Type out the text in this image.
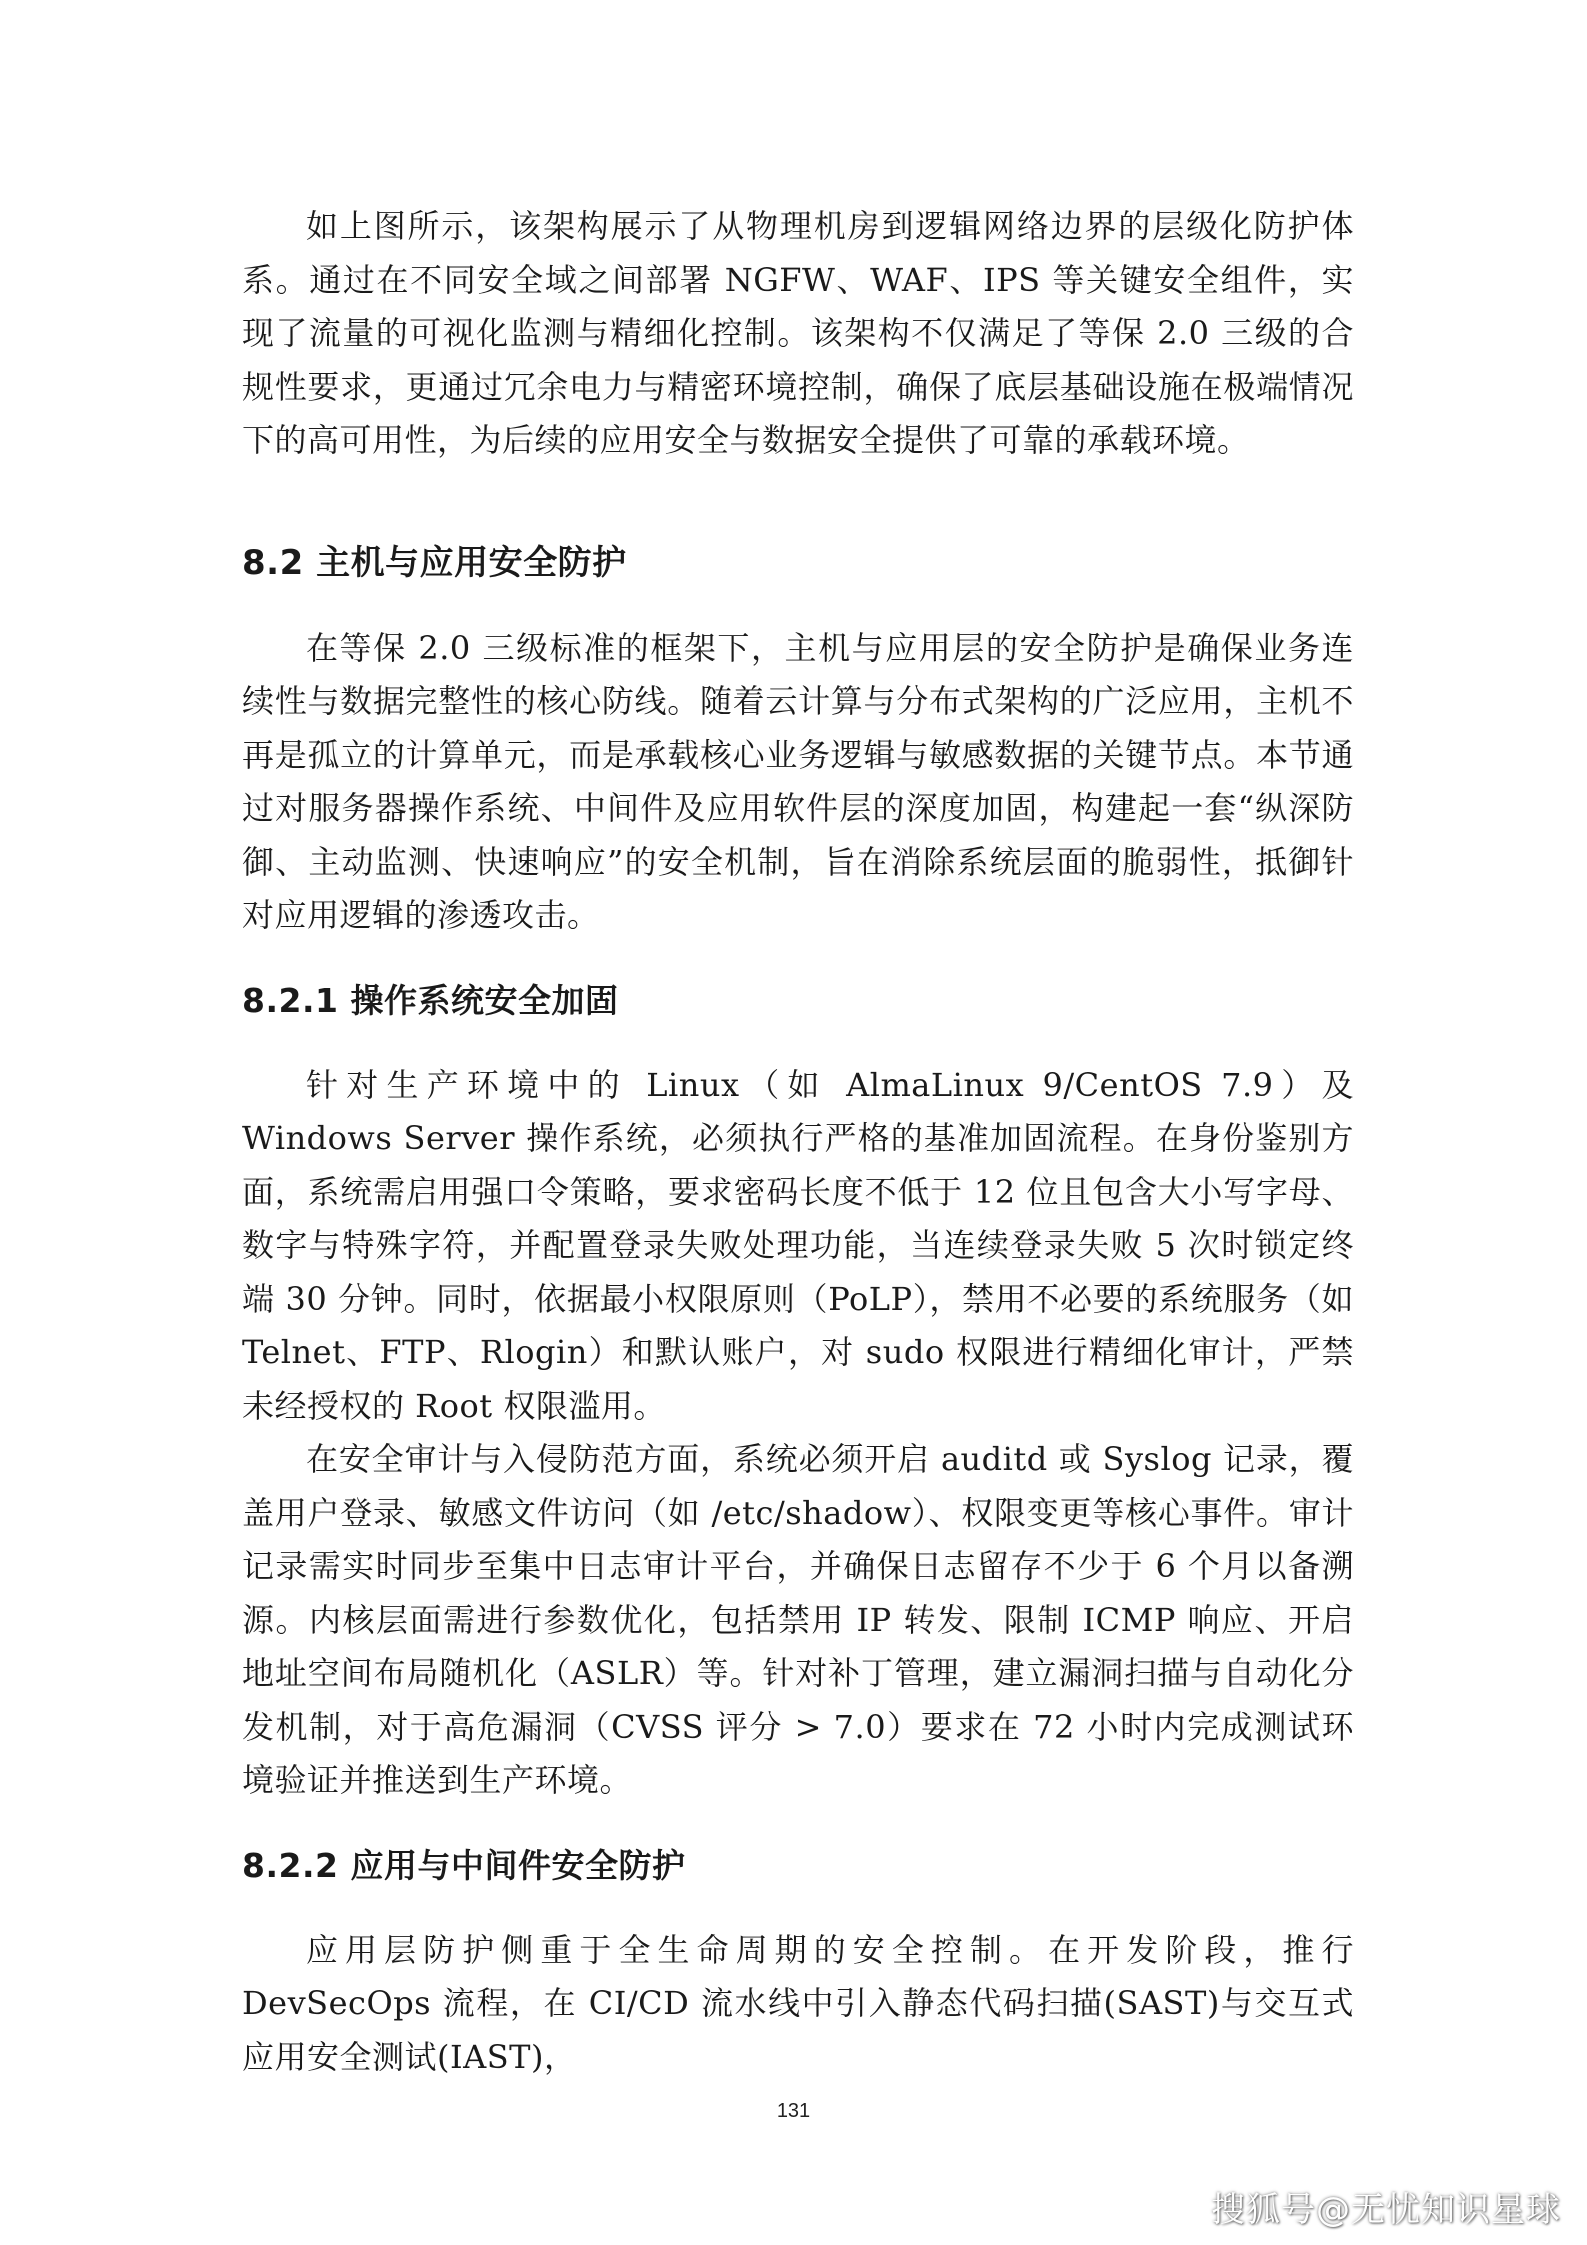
如上图所示，该架构展示了从物理机房到逻辑网络边界的层级化防护体系。通过在不同安全域之间部署 NGFW、WAF、IPS 等关键安全组件，实现了流量的可视化监测与精细化控制。该架构不仅满足了等保 2.0 三级的合规性要求，更通过冗余电力与精密环境控制，确保了底层基础设施在极端情况下的高可用性，为后续的应用安全与数据安全提供了可靠的承载环境。

8.2 主机与应用安全防护

在等保 2.0 三级标准的框架下，主机与应用层的安全防护是确保业务连续性与数据完整性的核心防线。随着云计算与分布式架构的广泛应用，主机不再是孤立的计算单元，而是承载核心业务逻辑与敏感数据的关键节点。本节通过对服务器操作系统、中间件及应用软件层的深度加固，构建起一套“纵深防御、主动监测、快速响应”的安全机制，旨在消除系统层面的脆弱性，抵御针对应用逻辑的渗透攻击。

8.2.1 操作系统安全加固

针对生产环境中的 Linux（如 AlmaLinux 9/CentOS 7.9）及 Windows Server 操作系统，必须执行严格的基准加固流程。在身份鉴别方面，系统需启用强口令策略，要求密码长度不低于 12 位且包含大小写字母、数字与特殊字符，并配置登录失败处理功能，当连续登录失败 5 次时锁定终端 30 分钟。同时，依据最小权限原则（PoLP），禁用不必要的系统服务（如 Telnet、FTP、Rlogin）和默认账户，对 sudo 权限进行精细化审计，严禁未经授权的 Root 权限滥用。

在安全审计与入侵防范方面，系统必须开启 auditd 或 Syslog 记录，覆盖用户登录、敏感文件访问（如 /etc/shadow）、权限变更等核心事件。审计记录需实时同步至集中日志审计平台，并确保日志留存不少于 6 个月以备溯源。内核层面需进行参数优化，包括禁用 IP 转发、限制 ICMP 响应、开启地址空间布局随机化（ASLR）等。针对补丁管理，建立漏洞扫描与自动化分发机制，对于高危漏洞（CVSS 评分 > 7.0）要求在 72 小时内完成测试环境验证并推送到生产环境。

8.2.2 应用与中间件安全防护

应用层防护侧重于全生命周期的安全控制。在开发阶段，推行 DevSecOps 流程，在 CI/CD 流水线中引入静态代码扫描(SAST)与交互式应用安全测试(IAST)，

131
搜狐号@无忧知识星球
